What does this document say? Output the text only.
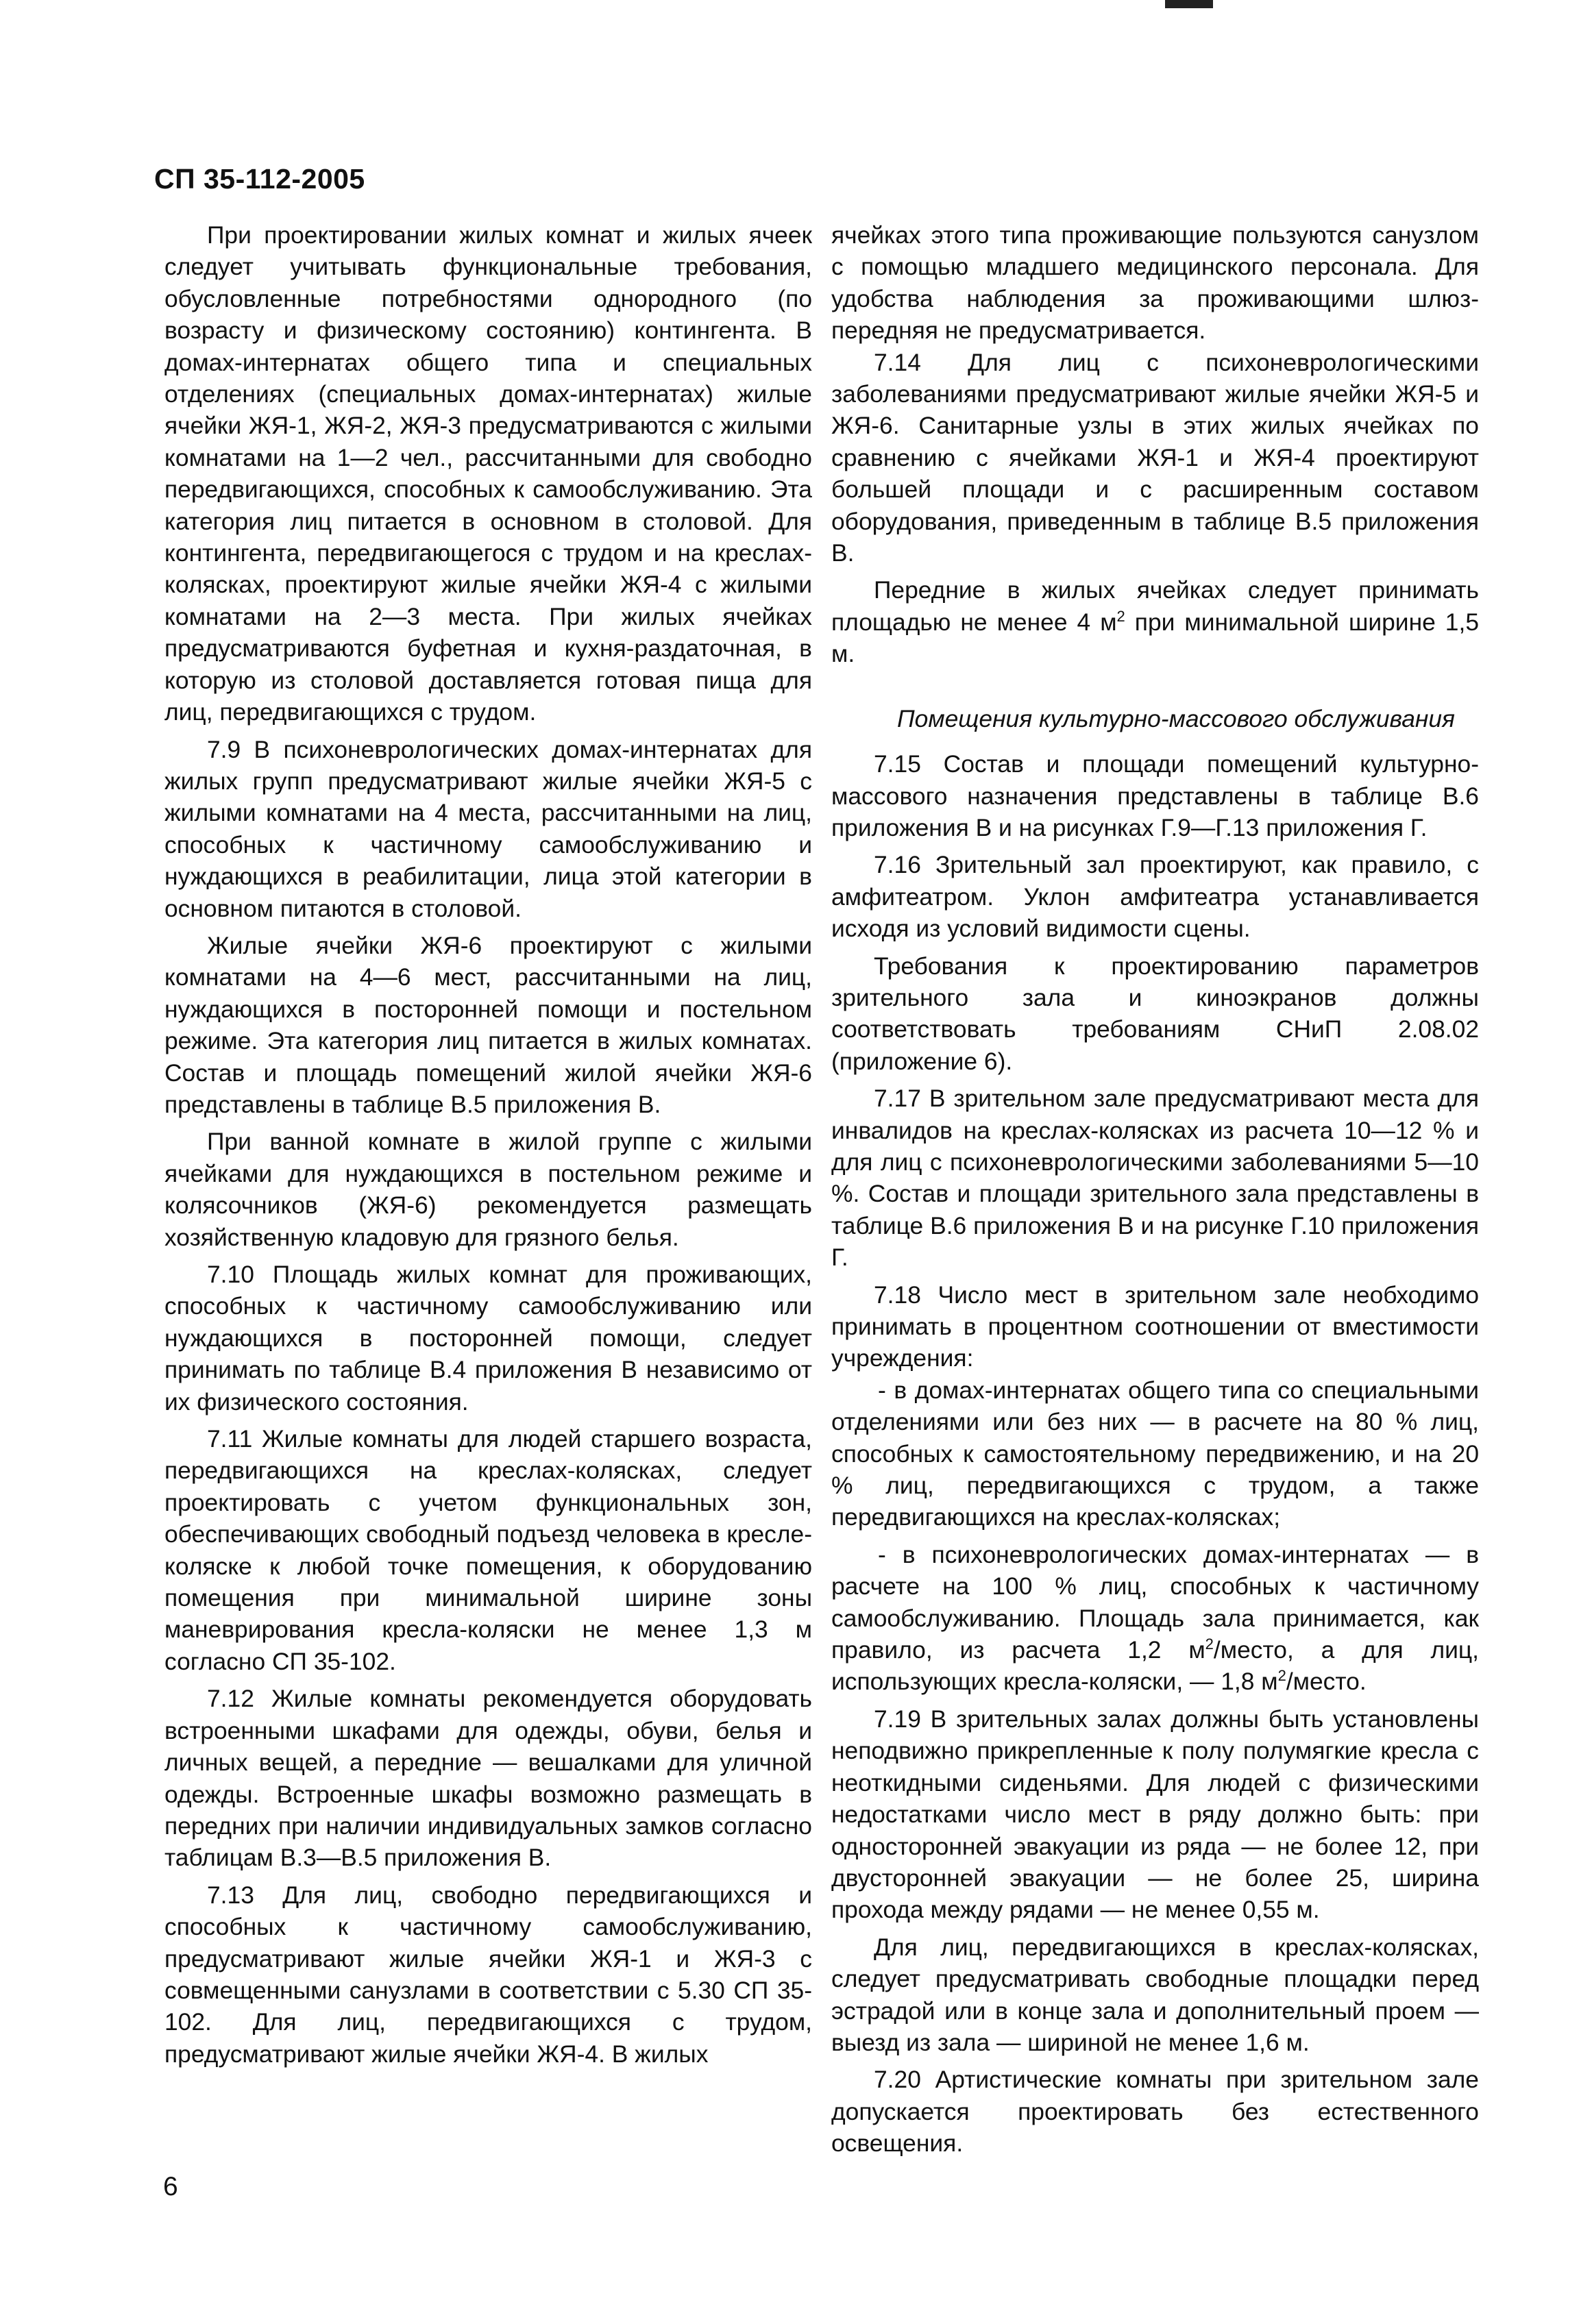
СП 35-112-2005

При проектировании жилых комнат и жилых ячеек следует учитывать функциональные требования, обусловленные потребностями однородного (по возрасту и физическому состоянию) контингента. В домах-интернатах общего типа и специальных отделениях (специальных домах-интернатах) жилые ячейки ЖЯ-1, ЖЯ-2, ЖЯ-3 предусматриваются с жилыми комнатами на 1—2 чел., рассчитанными для свободно передвигающихся, способных к самообслуживанию. Эта категория лиц питается в основном в столовой. Для контингента, передвигающегося с трудом и на креслах-колясках, проектируют жилые ячейки ЖЯ-4 с жилыми комнатами на 2—3 места. При жилых ячейках предусматриваются буфетная и кухня-раздаточная, в которую из столовой доставляется готовая пища для лиц, передвигающихся с трудом.

7.9 В психоневрологических домах-интернатах для жилых групп предусматривают жилые ячейки ЖЯ-5 с жилыми комнатами на 4 места, рассчитанными на лиц, способных к частичному самообслуживанию и нуждающихся в реабилитации, лица этой категории в основном питаются в столовой.

Жилые ячейки ЖЯ-6 проектируют с жилыми комнатами на 4—6 мест, рассчитанными на лиц, нуждающихся в посторонней помощи и постельном режиме. Эта категория лиц питается в жилых комнатах. Состав и площадь помещений жилой ячейки ЖЯ-6 представлены в таблице В.5 приложения В.

При ванной комнате в жилой группе с жилыми ячейками для нуждающихся в постельном режиме и колясочников (ЖЯ-6) рекомендуется размещать хозяйственную кладовую для грязного белья.

7.10 Площадь жилых комнат для проживающих, способных к частичному самообслуживанию или нуждающихся в посторонней помощи, следует принимать по таблице В.4 приложения В независимо от их физического состояния.

7.11 Жилые комнаты для людей старшего возраста, передвигающихся на креслах-колясках, следует проектировать с учетом функциональных зон, обеспечивающих свободный подъезд человека в кресле-коляске к любой точке помещения, к оборудованию помещения при минимальной ширине зоны маневрирования кресла-коляски не менее 1,3 м согласно СП 35-102.

7.12 Жилые комнаты рекомендуется оборудовать встроенными шкафами для одежды, обуви, белья и личных вещей, а передние — вешалками для уличной одежды. Встроенные шкафы возможно размещать в передних при наличии индивидуальных замков согласно таблицам В.3—В.5 приложения В.

7.13 Для лиц, свободно передвигающихся и способных к частичному самообслуживанию, предусматривают жилые ячейки ЖЯ-1 и ЖЯ-3 с совмещенными санузлами в соответствии с 5.30 СП 35-102. Для лиц, передвигающихся с трудом, предусматривают жилые ячейки ЖЯ-4. В жилых

ячейках этого типа проживающие пользуются санузлом с помощью младшего медицинского персонала. Для удобства наблюдения за проживающими шлюз-передняя не предусматривается.

7.14 Для лиц с психоневрологическими заболеваниями предусматривают жилые ячейки ЖЯ-5 и ЖЯ-6. Санитарные узлы в этих жилых ячейках по сравнению с ячейками ЖЯ-1 и ЖЯ-4 проектируют большей площади и с расширенным составом оборудования, приведенным в таблице В.5 приложения В.

Передние в жилых ячейках следует принимать площадью не менее 4 $м^2$ при минимальной ширине 1,5 м.

Помещения культурно-массового обслуживания

7.15 Состав и площади помещений культурно-массового назначения представлены в таблице В.6 приложения В и на рисунках Г.9—Г.13 приложения Г.

7.16 Зрительный зал проектируют, как правило, с амфитеатром. Уклон амфитеатра устанавливается исходя из условий видимости сцены.

Требования к проектированию параметров зрительного зала и киноэкранов должны соответствовать требованиям СНиП 2.08.02 (приложение 6).

7.17 В зрительном зале предусматривают места для инвалидов на креслах-колясках из расчета 10—12 % и для лиц с психоневрологическими заболеваниями 5—10 %. Состав и площади зрительного зала представлены в таблице В.6 приложения В и на рисунке Г.10 приложения Г.

7.18 Число мест в зрительном зале необходимо принимать в процентном соотношении от вместимости учреждения:

- в домах-интернатах общего типа со специальными отделениями или без них — в расчете на 80 % лиц, способных к самостоятельному передвижению, и на 20 % лиц, передвигающихся с трудом, а также передвигающихся на креслах-колясках;

- в психоневрологических домах-интернатах — в расчете на 100 % лиц, способных к частичному самообслуживанию. Площадь зала принимается, как правило, из расчета 1,2 $м^2$/место, а для лиц, использующих кресла-коляски, — 1,8 $м^2$/место.

7.19 В зрительных залах должны быть установлены неподвижно прикрепленные к полу полумягкие кресла с неоткидными сиденьями. Для людей с физическими недостатками число мест в ряду должно быть: при односторонней эвакуации из ряда — не более 12, при двусторонней эвакуации — не более 25, ширина прохода между рядами — не менее 0,55 м.

Для лиц, передвигающихся в креслах-колясках, следует предусматривать свободные площадки перед эстрадой или в конце зала и дополнительный проем — выезд из зала — шириной не менее 1,6 м.

7.20 Артистические комнаты при зрительном зале допускается проектировать без естественного освещения.

6
